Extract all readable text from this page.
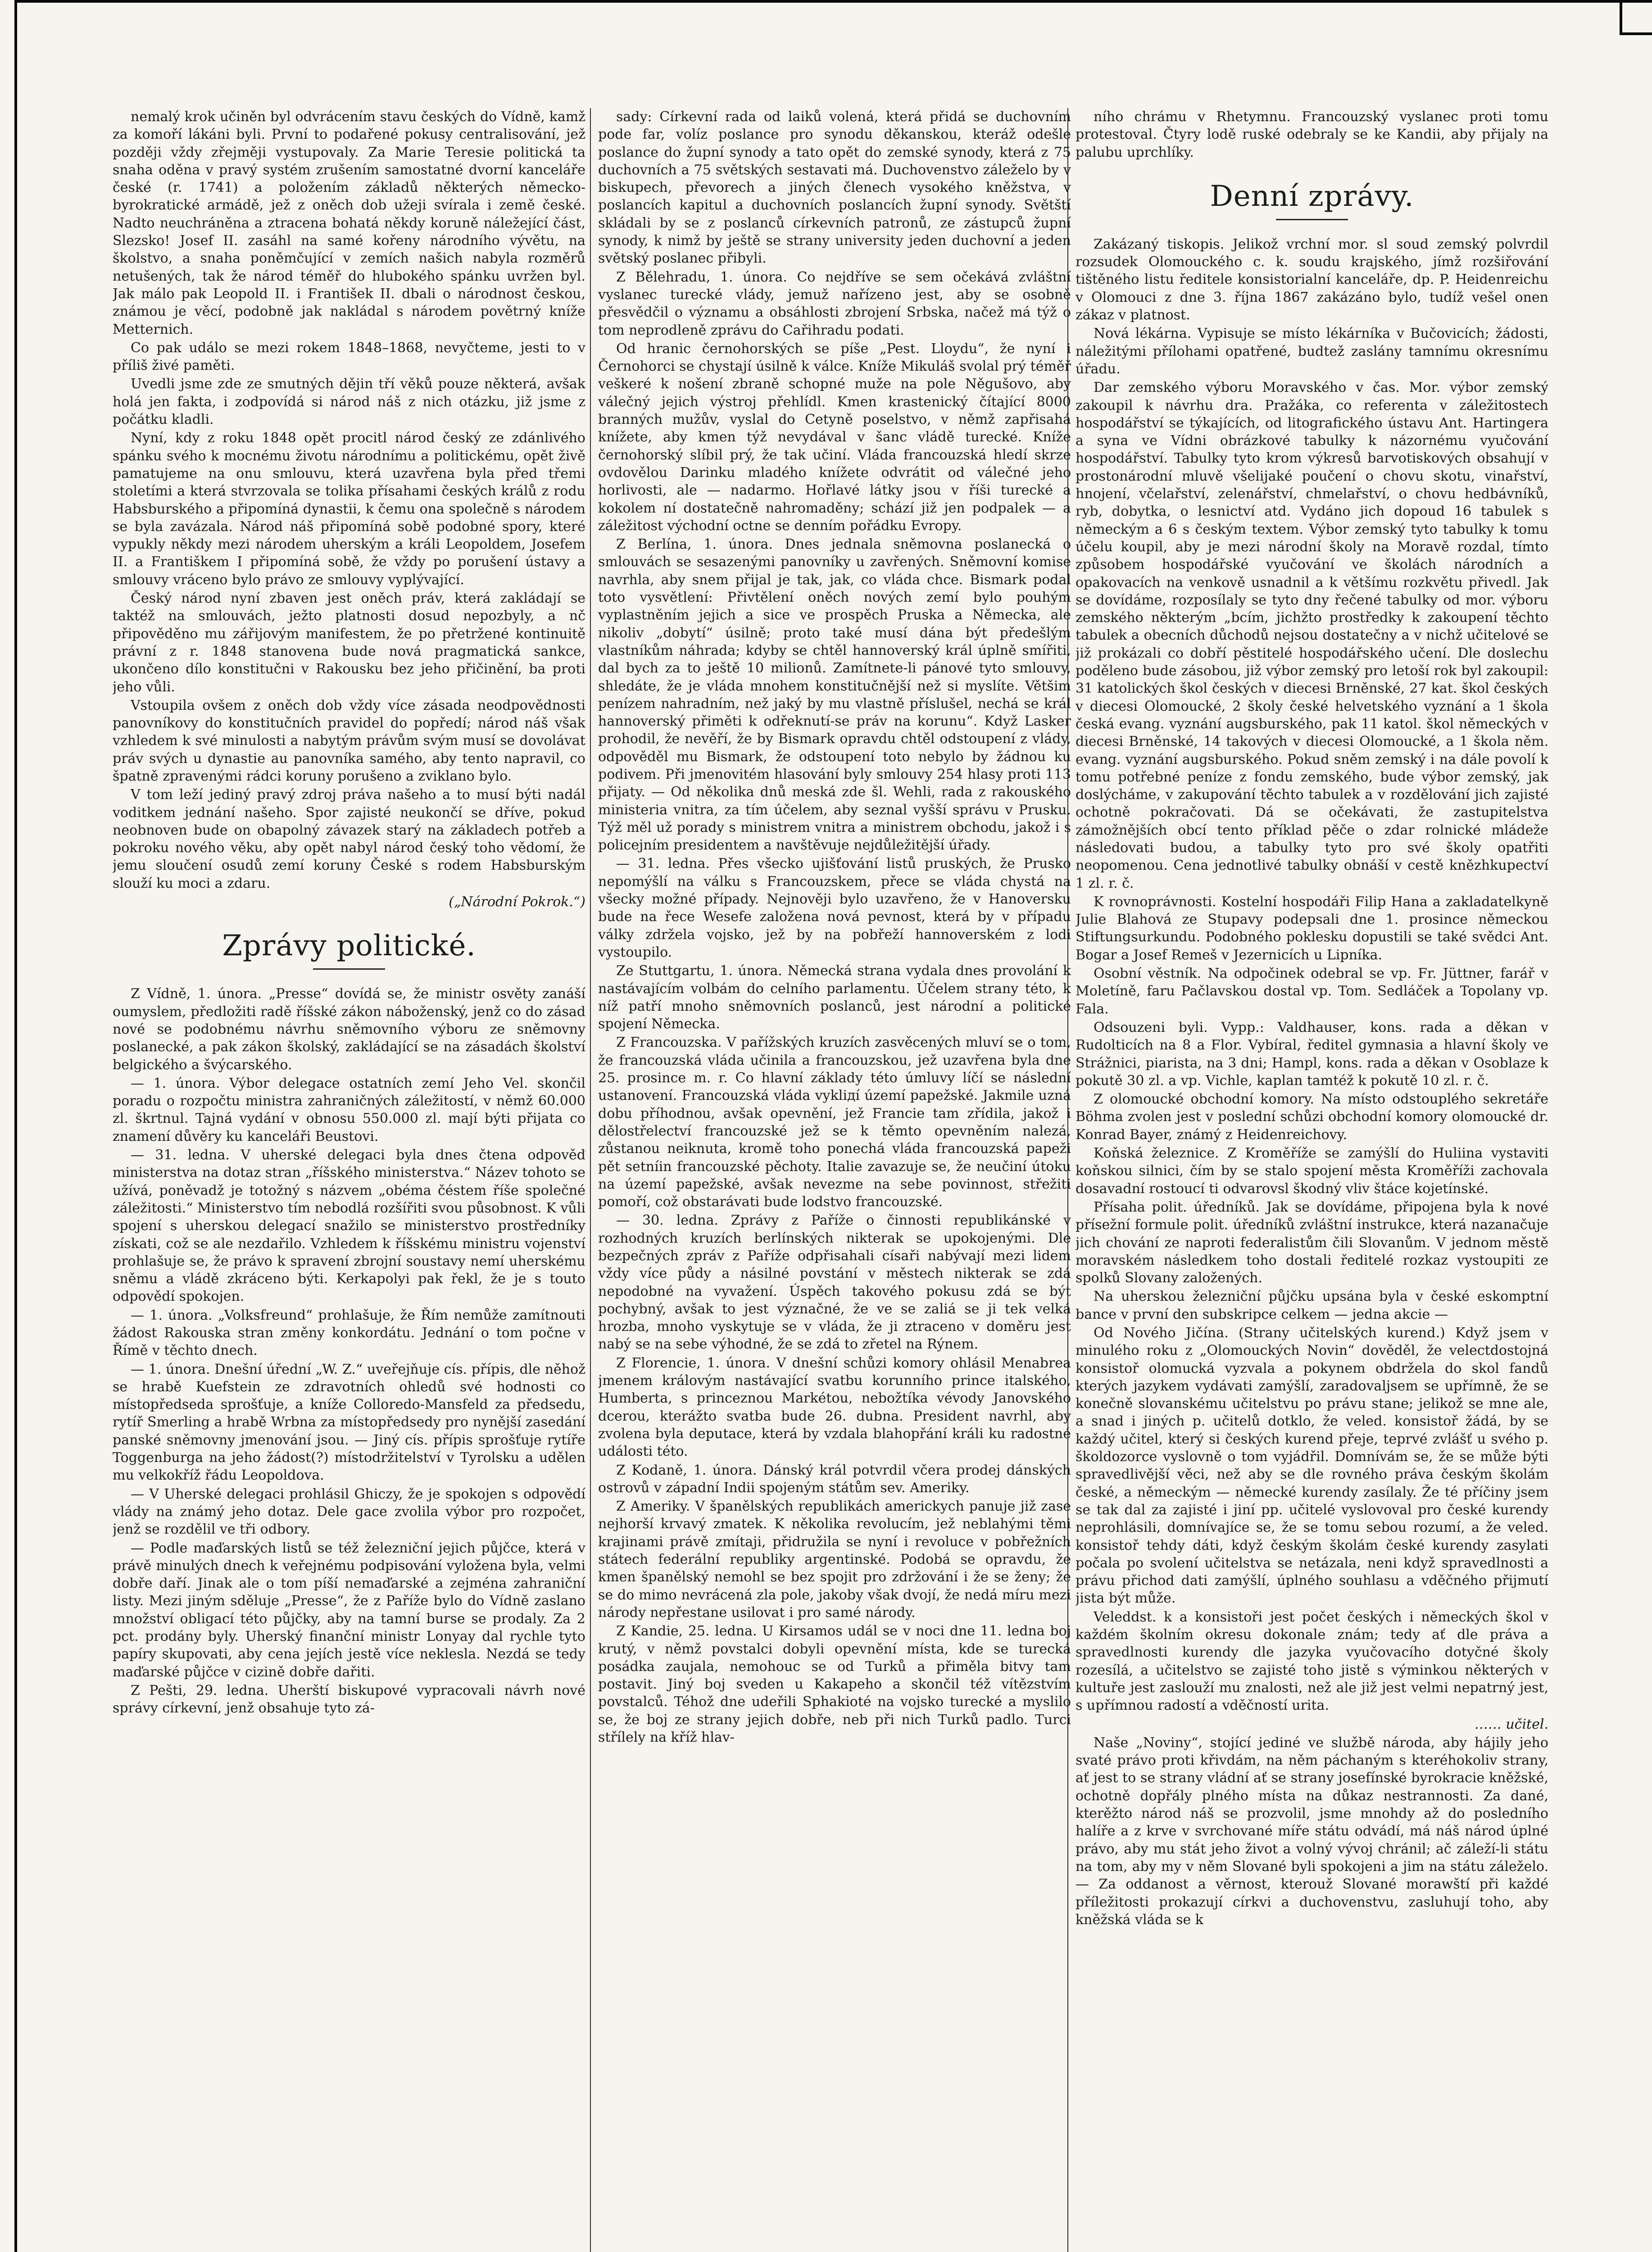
nemalý krok učiněn byl odvrácením stavu českých do Vídně, kamž za komoří lákáni byli. První to podařené pokusy centralisování, jež později vždy zřejměji vystupovaly. Za Marie Teresie politická ta snaha oděna v pravý systém zrušením samostatné dvorní kanceláře české (r. 1741) a položením základů některých německo-byrokratické armádě, jež z oněch dob užeji svírala i země české. Nadto neuchráněna a ztracena bohatá někdy koruně náležející část, Slezsko! Josef II. zasáhl na samé kořeny národního vývětu, na školstvo, a snaha poněmčující v zemích našich nabyla rozměrů netušených, tak že národ téměř do hlubokého spánku uvržen byl. Jak málo pak Leopold II. i František II. dbali o národnost českou, známou je věcí, podobně jak nakládal s národem povětrný kníže Metternich.

Co pak událo se mezi rokem 1848–1868, nevyčteme, jesti to v příliš živé paměti.

Uvedli jsme zde ze smutných dějin tří věků pouze některá, avšak holá jen fakta, i zodpovídá si národ náš z nich otázku, již jsme z počátku kladli.

Nyní, kdy z roku 1848 opět procitl národ český ze zdánlivého spánku svého k mocnému životu národnímu a politickému, opět živě pamatujeme na onu smlouvu, která uzavřena byla před třemi stoletími a která stvrzovala se tolika přísahami českých králů z rodu Habsburského a připomíná dynastii, k čemu ona společně s národem se byla zavázala. Národ náš připomíná sobě podobné spory, které vypukly někdy mezi národem uherským a králi Leopoldem, Josefem II. a Františkem I připomíná sobě, že vždy po porušení ústavy a smlouvy vráceno bylo právo ze smlouvy vyplývající.

Český národ nyní zbaven jest oněch práv, která zakládají se taktéž na smlouvách, ježto platnosti dosud nepozbyly, a nč připověděno mu zářijovým manifestem, že po přetržené kontinuitě právní z r. 1848 stanovena bude nová pragmatická sankce, ukončeno dílo konstitučni v Rakousku bez jeho přičinění, ba proti jeho vůli.

Vstoupila ovšem z oněch dob vždy více zásada neodpovědnosti panovníkovy do konstitučních pravidel do popředí; národ náš však vzhledem k své minulosti a nabytým právům svým musí se dovolávat práv svých u dynastie au panovníka samého, aby tento napravil, co špatně zpravenými rádci koruny porušeno a zviklano bylo.

V tom leží jediný pravý zdroj práva našeho a to musí býti nadál voditkem jednání našeho. Spor zajisté neukončí se dříve, pokud neobnoven bude on obapolný závazek starý na základech potřeb a pokroku nového věku, aby opět nabyl národ český toho vědomí, že jemu sloučení osudů zemí koruny České s rodem Habsburským slouží ku moci a zdaru.

(„Národní Pokrok.“)

Zprávy politické.

Z Vídně, 1. února. „Presse“ dovídá se, že ministr osvěty zanáší oumyslem, předložiti radě říšské zákon náboženský, jenž co do zásad nové se podobnému návrhu sněmovního výboru ze sněmovny poslanecké, a pak zákon školský, zakládající se na zásadách školství belgického a švýcarského.

— 1. února. Výbor delegace ostatních zemí Jeho Vel. skončil poradu o rozpočtu ministra zahraničných záležitostí, v němž 60.000 zl. škrtnul. Tajná vydání v obnosu 550.000 zl. mají býti přijata co znamení důvěry ku kanceláři Beustovi.

— 31. ledna. V uherské delegaci byla dnes čtena odpověď ministerstva na dotaz stran „říšského ministerstva.“ Název tohoto se užívá, poněvadž je totožný s názvem „obéma čéstem říše společné záležitosti.“ Ministerstvo tím nebodlá rozšířiti svou působnost. K vůli spojení s uherskou delegací snažilo se ministerstvo prostředníky získati, což se ale nezdařilo. Vzhledem k říšskému ministru vojenství prohlašuje se, že právo k spravení zbrojní soustavy nemí uherskému sněmu a vládě zkráceno býti. Kerkapolyi pak řekl, že je s touto odpovědí spokojen.

— 1. února. „Volksfreund“ prohlašuje, že Řím nemůže zamítnouti žádost Rakouska stran změny konkordátu. Jednání o tom počne v Římě v těchto dnech.

— 1. února. Dnešní úřední „W. Z.“ uveřejňuje cís. přípis, dle něhož se hrabě Kuefstein ze zdravotních ohledů své hodnosti co místopředseda sprošťuje, a kníže Colloredo-Mansfeld za předsedu, rytíř Smerling a hrabě Wrbna za místopředsedy pro nynější zasedání panské sněmovny jmenování jsou. — Jiný cís. přípis sprošťuje rytíře Toggenburga na jeho žádost(?) místodržitelství v Tyrolsku a udělen mu velkokříž řádu Leopoldova.

— V Uherské delegaci prohlásil Ghiczy, že je spokojen s odpovědí vlády na známý jeho dotaz. Dele gace zvolila výbor pro rozpočet, jenž se rozdělil ve tři odbory.

— Podle maďarských listů se též železniční jejich půjčce, která v právě minulých dnech k veřejnému podpisování vyložena byla, velmi dobře daří. Jinak ale o tom píší nemaďarské a zejména zahraniční listy. Mezi jiným sděluje „Presse“, že z Paříže bylo do Vídně zaslano množství obligací této půjčky, aby na tamní burse se prodaly. Za 2 pct. prodány byly. Uherský finanční ministr Lonyay dal rychle tyto papíry skupovati, aby cena jejích jestě více neklesla. Nezdá se tedy maďarské půjčce v cizině dobře dařiti.

Z Pešti, 29. ledna. Uherští biskupové vypracovali návrh nové správy církevní, jenž obsahuje tyto zá-

sady: Církevní rada od laiků volená, která přidá se duchovním pode far, volíz poslance pro synodu děkanskou, kteráž odešle poslance do župní synody a tato opět do zemské synody, která z 75 duchovních a 75 světských sestavati má. Duchovenstvo záleželo by v biskupech, převorech a jiných členech vysokého kněžstva, v poslancích kapitul a duchovních poslancích župní synody. Světští skládali by se z poslanců církevních patronů, ze zástupců župní synody, k nimž by ještě se strany university jeden duchovní a jeden světský poslanec přibyli.

Z Bělehradu, 1. února. Co nejdříve se sem očekává zvláštní vyslanec turecké vlády, jemuž nařízeno jest, aby se osobně přesvědčil o významu a obsáhlosti zbrojení Srbska, načež má týž o tom neprodleně zprávu do Cařihradu podati.

Od hranic černohorských se píše „Pest. Lloydu“, že nyní i Černohorci se chystají úsilně k válce. Kníže Mikuláš svolal prý téměř veškeré k nošení zbraně schopné muže na pole Něgušovo, aby válečný jejich výstroj přehlídl. Kmen krastenický čítající 8000 branných mužův, vyslal do Cetyně poselstvo, v němž zapřisahá knížete, aby kmen týž nevydával v šanc vládě turecké. Kníže černohorský slíbil prý, že tak učiní. Vláda francouzská hledí skrze ovdovělou Darinku mladého knížete odvrátit od válečné jeho horlivosti, ale — nadarmo. Hořlavé látky jsou v říši turecké a kokolem ní dostatečně nahromaděny; schází již jen podpalek — a záležitost východní octne se denním pořádku Evropy.

Z Berlína, 1. února. Dnes jednala sněmovna poslanecká o smlouvách se sesazenými panovníky u zavřených. Sněmovní komise navrhla, aby snem přijal je tak, jak, co vláda chce. Bismark podal toto vysvětlení: Přivtělení oněch nových zemí bylo pouhým vyplastněním jejich a sice ve prospěch Pruska a Německa, ale nikoliv „dobytí“ úsilně; proto také musí dána být předešlým vlastníkům náhrada; kdyby se chtěl hannoverský král úplně smířiti, dal bych za to ještě 10 milionů. Zamítnete-li pánové tyto smlouvy, shledáte, že je vláda mnohem konstitučnější než si myslíte. Většim penízem nahradním, než jaký by mu vlastně příslušel, nechá se král hannoverský přiměti k odřeknutí-se práv na korunu“. Když Lasker prohodil, že nevěří, že by Bismark opravdu chtěl odstoupení z vlády, odpověděl mu Bismark, že odstoupení toto nebylo by žádnou ku podivem. Při jmenovitém hlasování byly smlouvy 254 hlasy proti 113 přijaty. — Od několika dnů meská zde šl. Wehli, rada z rakouského ministeria vnitra, za tím účelem, aby seznal vyšší správu v Prusku. Týž měl už porady s ministrem vnitra a ministrem obchodu, jakož i s policejním presidentem a navštěvuje nejdůležitější úřady.

— 31. ledna. Přes všecko ujišťování listů pruských, že Prusko nepomýšlí na válku s Francouzskem, přece se vláda chystá na všecky možné případy. Nejnověji bylo uzavřeno, že v Hanoversku bude na řece Wesefe založena nová pevnost, která by v případu války zdržela vojsko, jež by na pobřeží hannoverském z lodi vystoupilo.

Ze Stuttgartu, 1. února. Německá strana vydala dnes provolání k nastávajícím volbám do celního parlamentu. Účelem strany této, k níž patří mnoho sněmovních poslanců, jest národní a politické spojení Německa.

Z Francouzska. V pařížských kruzích zasvěcených mluví se o tom, že francouzská vláda učinila a francouzskou, jež uzavřena byla dne 25. prosince m. r. Co hlavní základy této úmluvy líčí se následní ustanovení. Francouzská vláda vykliдí území papežské. Jakmile uzná dobu příhodnou, avšak opevnění, jež Francie tam zřídila, jakož i dělostřelectví francouzské jež se k těmto opevněním nalezá, zůstanou neiknuta, kromě toho ponechá vláda francouzská papeži pět setníin francouzské pěchoty. Italie zavazuje se, že neučiní útoku na území papežské, avšak nevezme na sebe povinnost, střežiti pomoří, což obstarávati bude lodstvo francouzské.

— 30. ledna. Zprávy z Paříže o činnosti republikánské v rozhodných kruzích berlínských nikterak se upokojenými. Dle bezpečných zpráv z Paříže odpřisahali císaři nabývají mezi lidem vždy více půdy a násilné povstání v městech nikterak se zdá nepodobné na vyvažení. Úspěch takového pokusu zdá se být pochybný, avšak to jest význačné, že ve se zaliá se ji tek velká hrozba, mnoho vyskytuje se v vláda, že ji ztraceno v doměru jest nabý se na sebe výhodné, že se zdá to zřetel na Rýnem.

Z Florencie, 1. února. V dnešní schůzi komory ohlásil Menabrea jmenem královým nastávající svatbu korunního prince italského, Humberta, s princeznou Markétou, nebožtíka vévody Janovského dcerou, kterážto svatba bude 26. dubna. President navrhl, aby zvolena byla deputace, která by vzdala blahopřání králi ku radostné události této.

Z Kodaně, 1. února. Dánský král potvrdil včera prodej dánských ostrovů v západní Indii spojeným státům sev. Ameriky.

Z Ameriky. V španělských republikách americkych panuje již zase nejhorší krvavý zmatek. K několika revolucím, jež neblahými těmi krajinami právě zmítaji, přidružila se nyní i revoluce v pobřežních státech federální republiky argentinské. Podobá se opravdu, že kmen španělský nemohl se bez spojit pro zdržování i že se ženy; že se do mimo nevrácená zla pole, jakoby však dvojí, že nedá míru mezi národy nepřestane usilovat i pro samé národy.

Z Kandie, 25. ledna. U Kirsamos udál se v noci dne 11. ledna boj krutý, v němž povstalci dobyli opevnění místa, kde se turecká posádka zaujala, nemohouc se od Turků a přiměla bitvy tam postavit. Jiný boj sveden u Kakapeho a skončil též vítězstvím povstalců. Téhož dne udeřili Sphakioté na vojsko turecké a myslilo se, že boj ze strany jejich dobře, neb při nich Turků padlo. Turci střílely na kříž hlav-

ního chrámu v Rhetymnu. Francouzský vyslanec proti tomu protestoval. Čtyry lodě ruské odebraly se ke Kandii, aby přijaly na palubu uprchlíky.

Denní zprávy.

Zakázaný tiskopis. Jelikož vrchní mor. sl soud zemský polvrdil rozsudek Olomouckého c. k. soudu krajského, jímž rozšiřování tištěného listu ředitele konsistorialní kanceláře, dp. P. Heidenreichu v Olomouci z dne 3. října 1867 zakázáno bylo, tudíž vešel onen zákaz v platnost.

Nová lékárna. Vypisuje se místo lékárníka v Bučovicích; žádosti, náležitými přílohami opatřené, budtež zaslány tamnímu okresnímu úřadu.

Dar zemského výboru Moravského v čas. Mor. výbor zemský zakoupil k návrhu dra. Pražáka, co referenta v záležitostech hospodářství se týkajících, od litografického ústavu Ant. Hartingera a syna ve Vídni obrázkové tabulky k názornému vyučování hospodářství. Tabulky tyto krom výkresů barvotiskových obsahují v prostonárodní mluvě všelijaké poučení o chovu skotu, vinařství, hnojení, včelařství, zelenářství, chmelařství, o chovu hedbávníků, ryb, dobytka, o lesnictví atd. Vydáno jich dopoud 16 tabulek s německým a 6 s českým textem. Výbor zemský tyto tabulky k tomu účelu koupil, aby je mezi národní školy na Moravě rozdal, tímto způsobem hospodářské vyučování ve školách národních a opakovacích na venkově usnadnil a k většímu rozkvětu přivedl. Jak se dovídáme, rozposílaly se tyto dny řečené tabulky od mor. výboru zemského některým „bcím, jichžto prostředky k zakoupení těchto tabulek a obecních důchodů nejsou dostatečny a v nichž učitelové se již prokázali co dobří pěstitelé hospodářského učení. Dle doslechu poděleno bude zásobou, již výbor zemský pro letoší rok byl zakoupil: 31 katolických škol českých v diecesi Brněnské, 27 kat. škol českých v diecesi Olomoucké, 2 školy české helvetského vyznání a 1 škola česká evang. vyznání augsburského, pak 11 katol. škol německých v diecesi Brněnské, 14 takových v diecesi Olomoucké, a 1 škola něm. evang. vyznání augsburského. Pokud sněm zemský i na dále povolí k tomu potřebné peníze z fondu zemského, bude výbor zemský, jak doslýcháme, v zakupování těchto tabulek a v rozdělování jich zajisté ochotně pokračovati. Dá se očekávati, že zastupitelstva zámožnějších obcí tento příklad pěče o zdar rolnické mládeže následovati budou, a tabulky tyto pro své školy opatřiti neopomenou. Cena jednotlivé tabulky obnáší v cestě knězhkupectví 1 zl. r. č.

K rovnoprávnosti. Kostelní hospodáři Filip Hana a zakladatelkyně Julie Blahová ze Stupavy podepsali dne 1. prosince německou Stiftungsurkundu. Podobného poklesku dopustili se také svědci Ant. Bogar a Josef Remeš v Jezernicích u Lipníka.

Osobní věstník. Na odpočinek odebral se vp. Fr. Jüttner, farář v Moletíně, faru Pačlavskou dostal vp. Tom. Sedláček a Topolany vp. Fala.

Odsouzeni byli. Vypp.: Valdhauser, kons. rada a děkan v Rudolticích na 8 a Flor. Vybíral, ředitel gymnasia a hlavní školy ve Strážnici, piarista, na 3 dni; Hampl, kons. rada a děkan v Osoblaze k pokutě 30 zl. a vp. Vichle, kaplan tamtéž k pokutě 10 zl. r. č.

Z olomoucké obchodní komory. Na místo odstouplého sekretáře Böhma zvolen jest v poslední schůzi obchodní komory olomoucké dr. Konrad Bayer, známý z Heidenreichovy.

Koňská železnice. Z Kroměříže se zamýšlí do Huliina vystaviti koňskou silnici, čím by se stalo spojení města Kroměříži zachovala dosavadní rostoucí ti odvarovsl škodný vliv štáce kojetínské.

Přísaha polit. úředníků. Jak se dovídáme, připojena byla k nové přísežní formule polit. úředníků zvláštní instrukce, která nazanačuje jich chování ze naproti federalistům čili Slovanům. V jednom městě moravském následkem toho dostali ředitelé rozkaz vystoupiti ze spolků Slovany založených.

Na uherskou železniční půjčku upsána byla v české eskomptní bance v první den subskripce celkem — jedna akcie —

Od Nového Jičína. (Strany učitelských kurend.) Když jsem v minulého roku z „Olomouckých Novin“ dověděl, že velectdostojná konsistoř olomucká vyzvala a pokynem obdržela do skol fandů kterých jazykem vydávati zamýšlí, zaradovaljsem se upřímně, že se konečně slovanskému učitelstvu po právu stane; jelikož se mne ale, a snad i jiných p. učitelů dotklo, že veled. konsistoř žádá, by se každý učitel, který si českých kurend přeje, teprvé zvlášť u svého p. školdozorce vyslovně o tom vyjádřil. Domnívám se, že se může býti spravedlivější věci, než aby se dle rovného práva českým školám české, a německým — německé kurendy zasílaly. Že té příčiny jsem se tak dal za zajisté i jiní pp. učitelé vyslovoval pro české kurendy neprohlásili, domnívajíce se, že se tomu sebou rozumí, a že veled. konsistoř tehdy dáti, když českým školám české kurendy zasylati počala po svolení učitelstva se netázala, neni když spravedlnosti a právu přichod dati zamýšlí, úplného souhlasu a vděčného přijmutí jista být může.

Veleddst. k a konsistoři jest počet českých i německých škol v každém školním okresu dokonale znám; tedy ať dle práva a spravedlnosti kurendy dle jazyka vyučovacího dotyčné školy rozesílá, a učitelstvo se zajisté toho jistě s výminkou některých v kultuře jest zaslouží mu znalosti, než ale již jest velmi nepatrný jest, s upřímnou radostí a vděčností urita.

…… učitel.

Naše „Noviny“, stojící jediné ve službě národa, aby hájily jeho svaté právo proti křivdám, na něm páchaným s kteréhokoliv strany, ať jest to se strany vládní ať se strany josefínské byrokracie kněžské, ochotně dopřály plného místa na důkaz nestrannosti. Za dané, kterěžto národ náš se prozvolil, jsme mnohdy až do posledního halíře a z krve v svrchované míře státu odvádí, má náš národ úplné právo, aby mu stát jeho život a volný vývoj chránil; ač záleží-li státu na tom, aby my v něm Slované byli spokojeni a jim na státu záleželo. — Za oddanost a věrnost, kterouž Slované morawští při každé příležitosti prokazují církvi a duchovenstvu, zasluhují toho, aby kněžská vláda se k
